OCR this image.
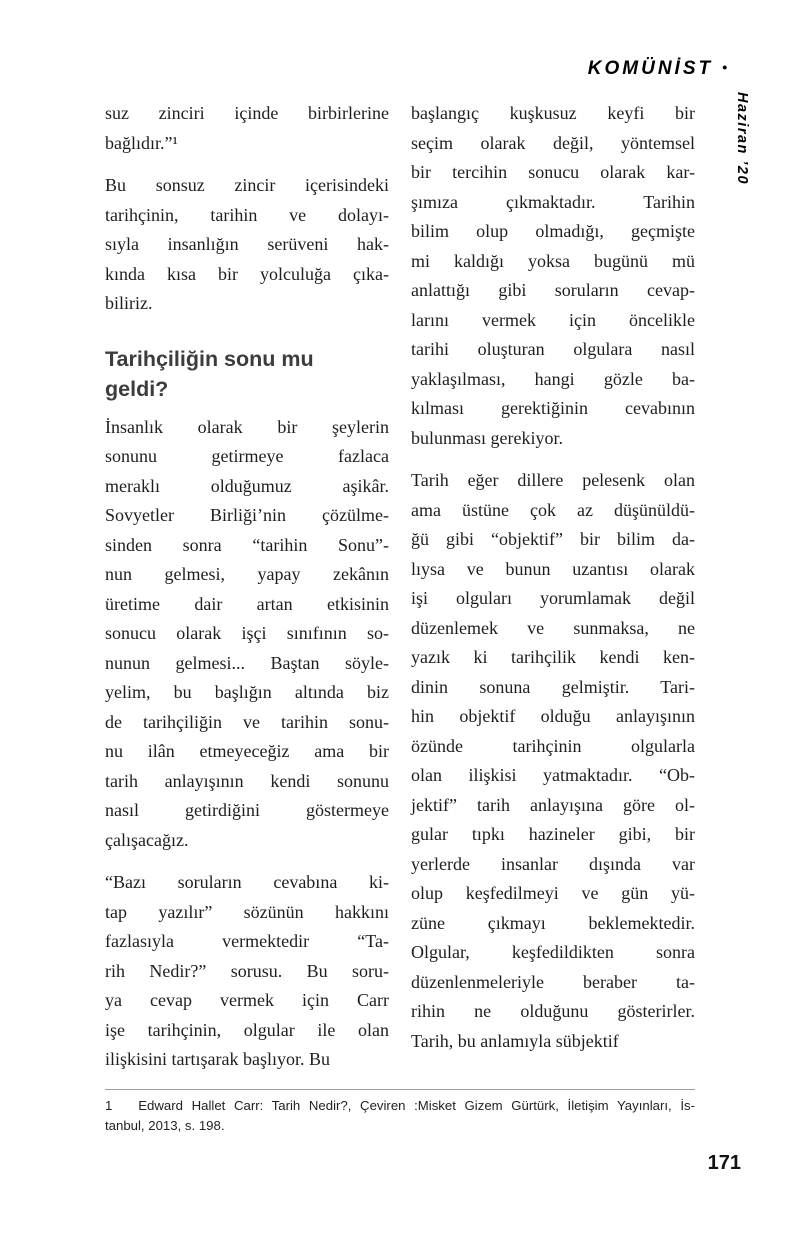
KOMÜNİST •
Haziran ’20

suz zinciri içinde birbirlerine
bağlıdır.”¹

Bu sonsuz zincir içerisindeki
tarihçinin, tarihin ve dolayı-
sıyla insanlığın serüveni hak-
kında kısa bir yolculuğa çıka-
biliriz.

Tarihçiliğin sonu mu
geldi?

İnsanlık olarak bir şeylerin
sonunu getirmeye fazlaca
meraklı olduğumuz aşikâr.
Sovyetler Birliği’nin çözülme-
sinden sonra “tarihin Sonu”-
nun gelmesi, yapay zekânın
üretime dair artan etkisinin
sonucu olarak işçi sınıfının so-
nunun gelmesi... Baştan söyle-
yelim, bu başlığın altında biz
de tarihçiliğin ve tarihin sonu-
nu ilân etmeyeceğiz ama bir
tarih anlayışının kendi sonunu
nasıl getirdiğini göstermeye
çalışacağız.

“Bazı soruların cevabına ki-
tap yazılır” sözünün hakkını
fazlasıyla vermektedir “Ta-
rih Nedir?” sorusu. Bu soru-
ya cevap vermek için Carr
işe tarihçinin, olgular ile olan
ilişkisini tartışarak başlıyor. Bu

başlangıç kuşkusuz keyfi bir
seçim olarak değil, yöntemsel
bir tercihin sonucu olarak kar-
şımıza çıkmaktadır. Tarihin
bilim olup olmadığı, geçmişte
mi kaldığı yoksa bugünü mü
anlattığı gibi soruların cevap-
larını vermek için öncelikle
tarihi oluşturan olgulara nasıl
yaklaşılması, hangi gözle ba-
kılması gerektiğinin cevabının
bulunması gerekiyor.

Tarih eğer dillere pelesenk olan
ama üstüne çok az düşünüldü-
ğü gibi “objektif” bir bilim da-
lıysa ve bunun uzantısı olarak
işi olguları yorumlamak değil
düzenlemek ve sunmaksa, ne
yazık ki tarihçilik kendi ken-
dinin sonuna gelmiştir. Tari-
hin objektif olduğu anlayışının
özünde tarihçinin olgularla
olan ilişkisi yatmaktadır. “Ob-
jektif” tarih anlayışına göre ol-
gular tıpkı hazineler gibi, bir
yerlerde insanlar dışında var
olup keşfedilmeyi ve gün yü-
züne çıkmayı beklemektedir.
Olgular, keşfedildikten sonra
düzenlenmeleriyle beraber ta-
rihin ne olduğunu gösterirler.
Tarih, bu anlamıyla sübjektif

1   Edward Hallet Carr: Tarih Nedir?, Çeviren :Misket Gizem Gürtürk, İletişim Yayınları, İs-
tanbul, 2013, s. 198.

171
